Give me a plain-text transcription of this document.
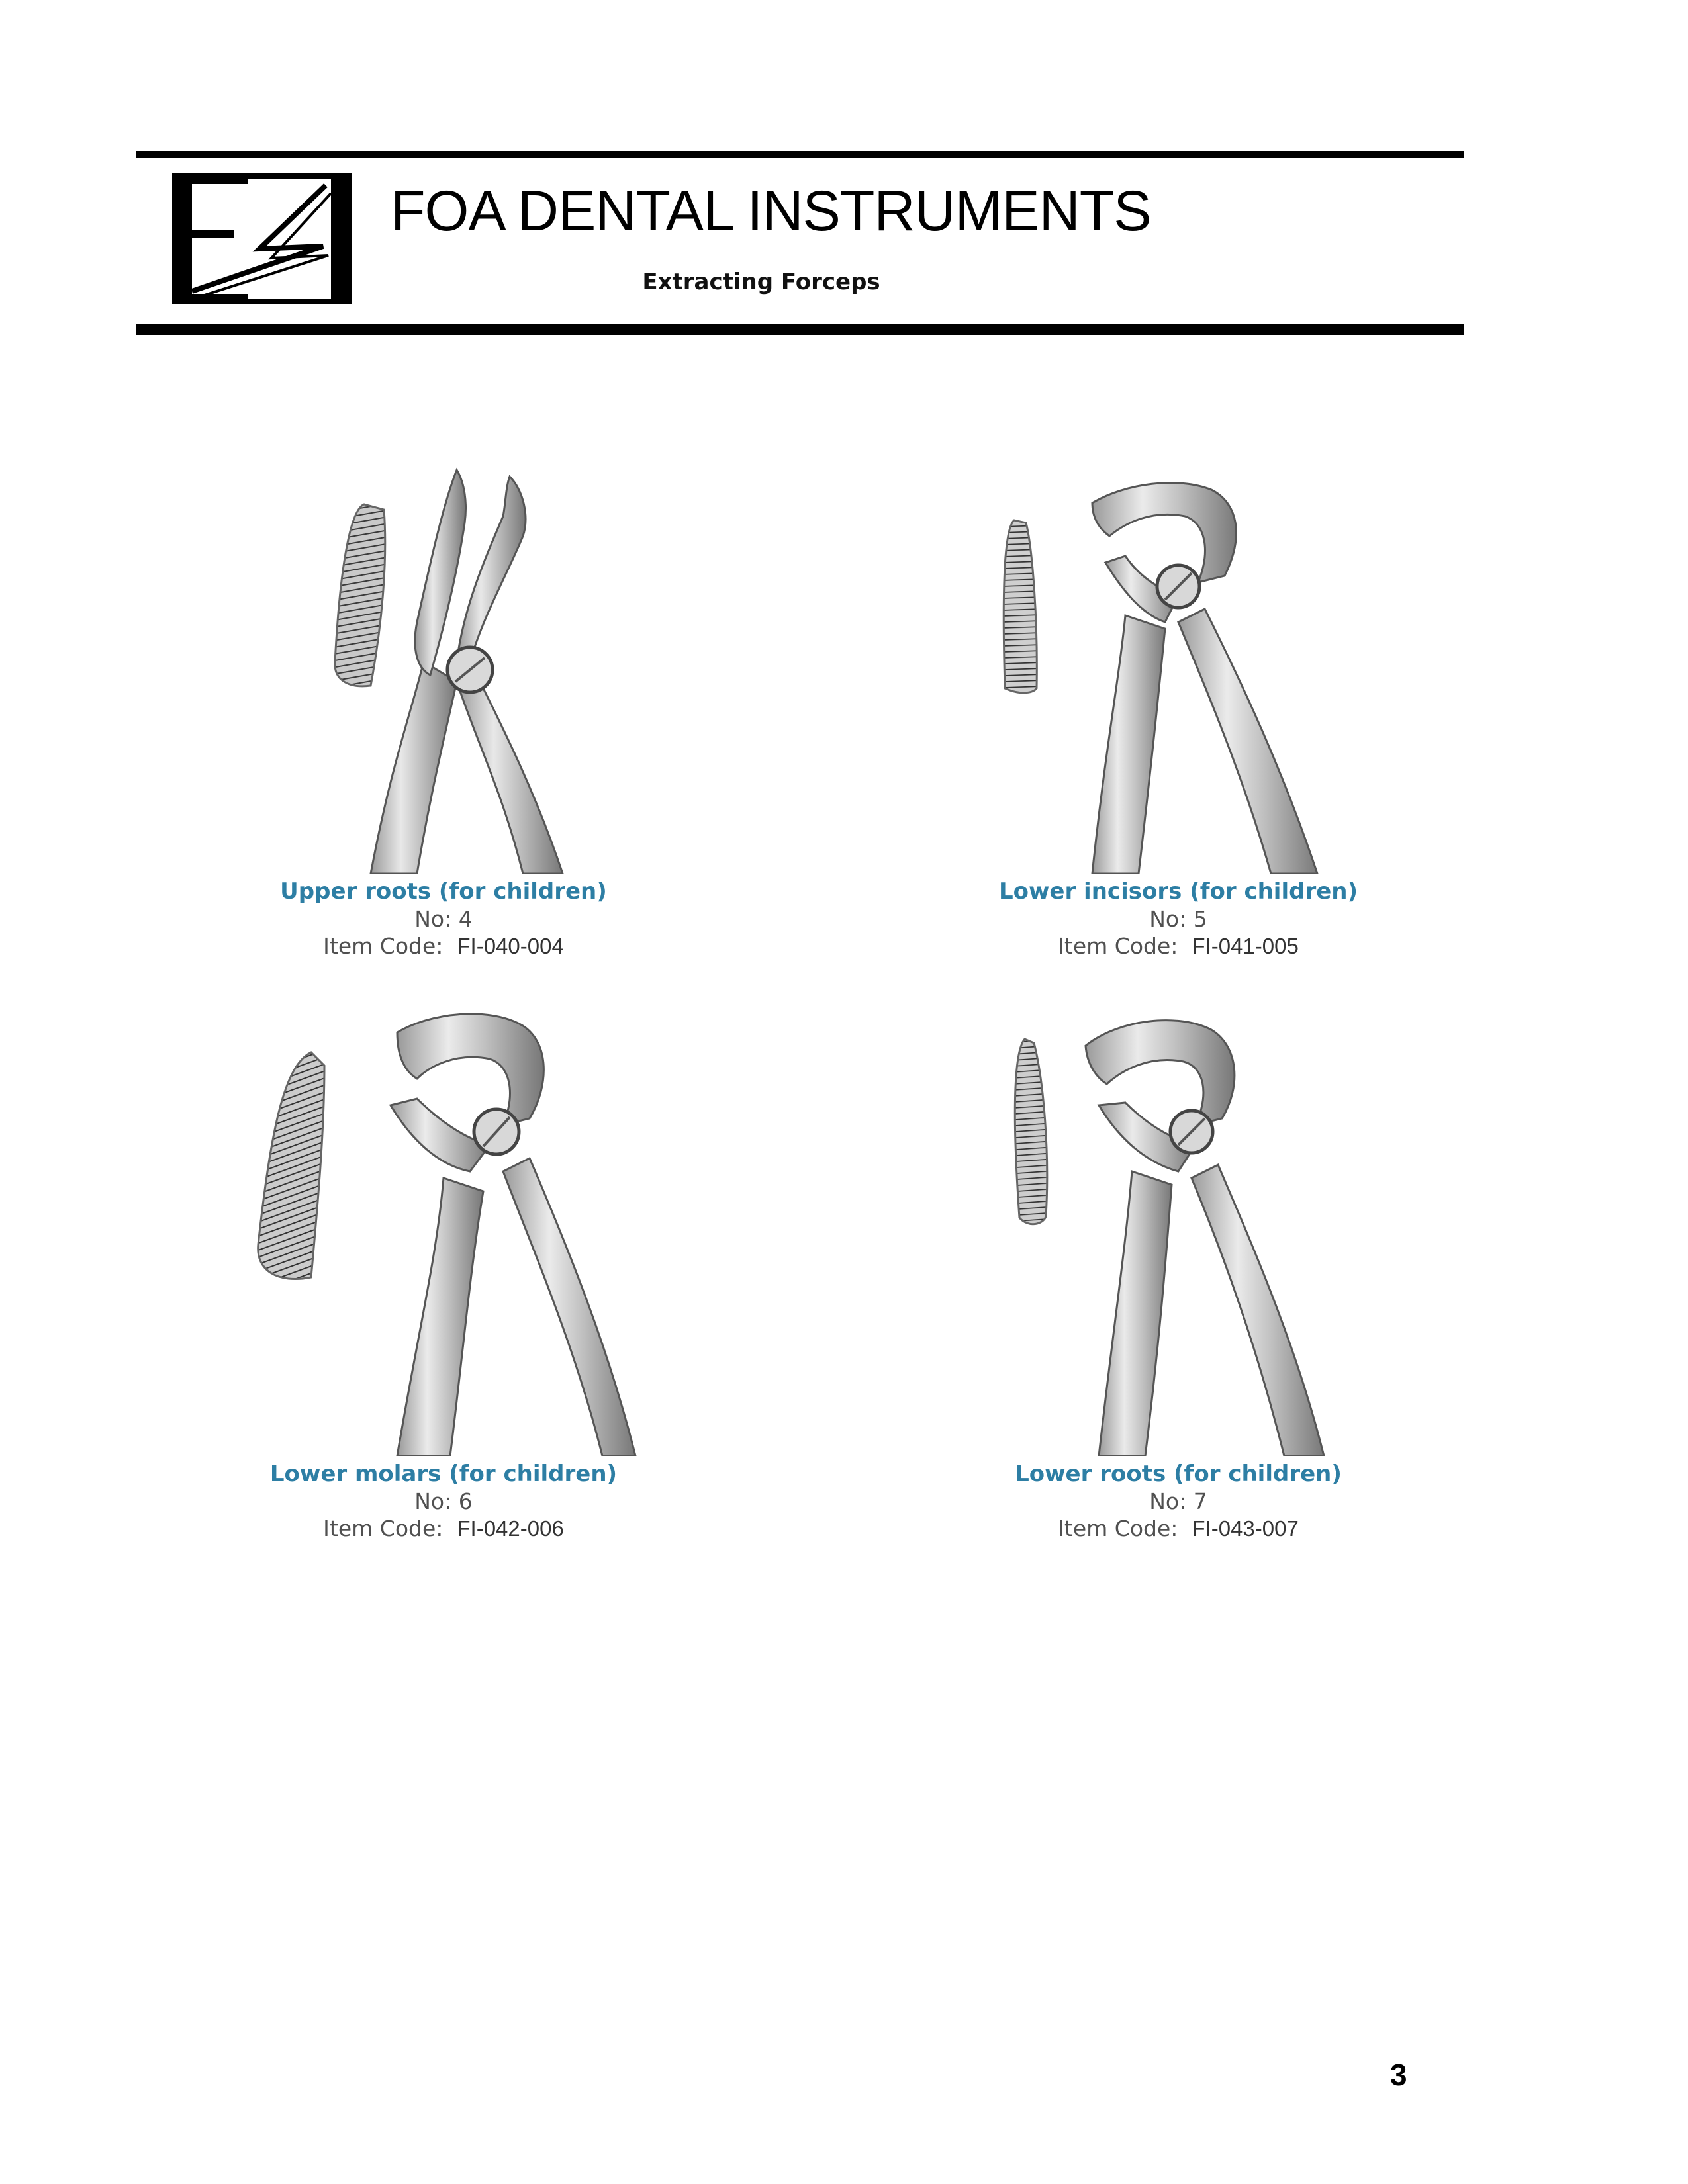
FOA DENTAL INSTRUMENTS
Extracting Forceps
Upper roots (for children)
No: 4
Item Code: FI-040-004
Lower incisors (for children)
No: 5
Item Code: FI-041-005
Lower molars (for children)
No: 6
Item Code: FI-042-006
Lower roots (for children)
No: 7
Item Code: FI-043-007
3
